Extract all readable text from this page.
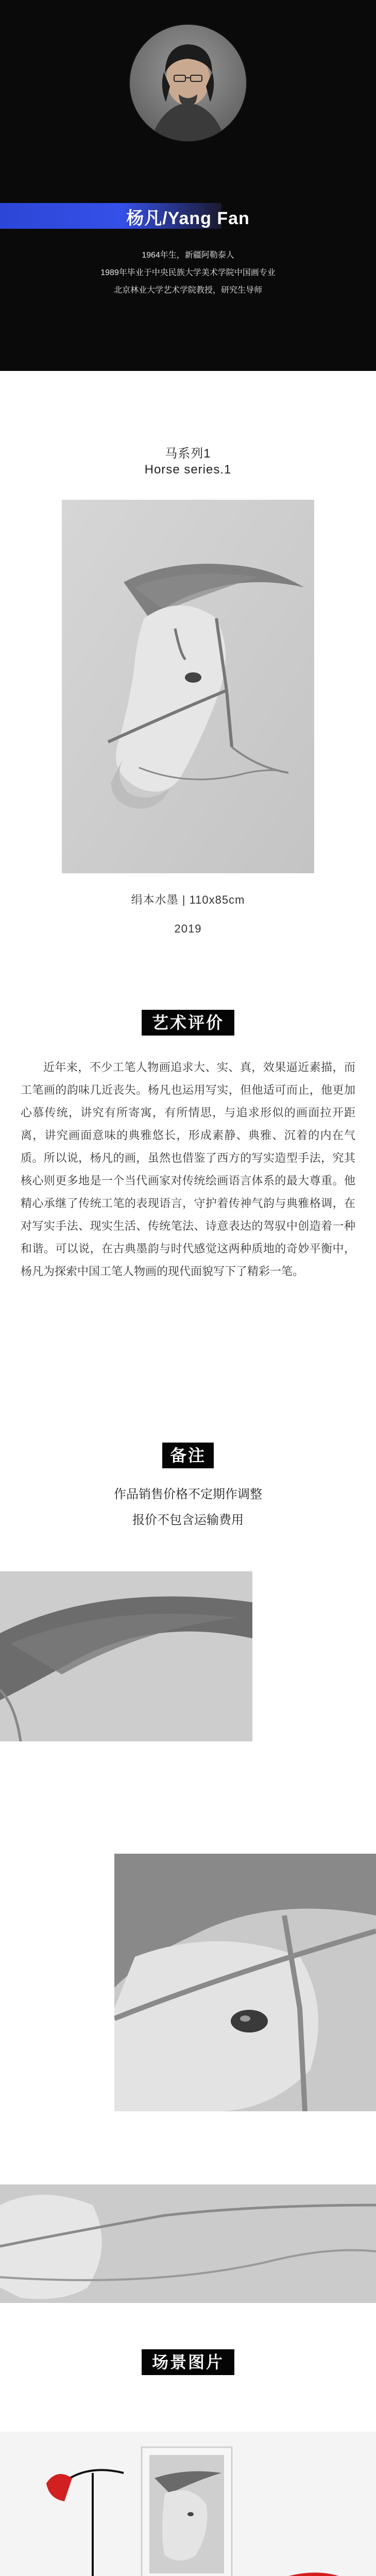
杨凡/Yang Fan
1964年生，新疆阿勒泰人
1989年毕业于中央民族大学美术学院中国画专业
北京林业大学艺术学院教授，研究生导师
马系列1
Horse series.1
绢本水墨 | 110x85cm
2019
艺术评价
近年来，不少工笔人物画追求大、实、真，效果逼近素描，而工笔画的韵味几近丧失。杨凡也运用写实，但他适可而止，他更加心慕传统，讲究有所寄寓，有所情思，与追求形似的画面拉开距离，讲究画面意味的典雅悠长，形成素静、典雅、沉着的内在气质。所以说，杨凡的画，虽然也借鉴了西方的写实造型手法，究其核心则更多地是一个当代画家对传统绘画语言体系的最大尊重。他精心承继了传统工笔的表现语言，守护着传神气韵与典雅格调，在对写实手法、现实生活、传统笔法、诗意表达的驾驭中创造着一种和谐。可以说，在古典墨韵与时代感觉这两种质地的奇妙平衡中，杨凡为探索中国工笔人物画的现代面貌写下了精彩一笔。
备注
作品销售价格不定期作调整
报价不包含运输费用
场景图片
